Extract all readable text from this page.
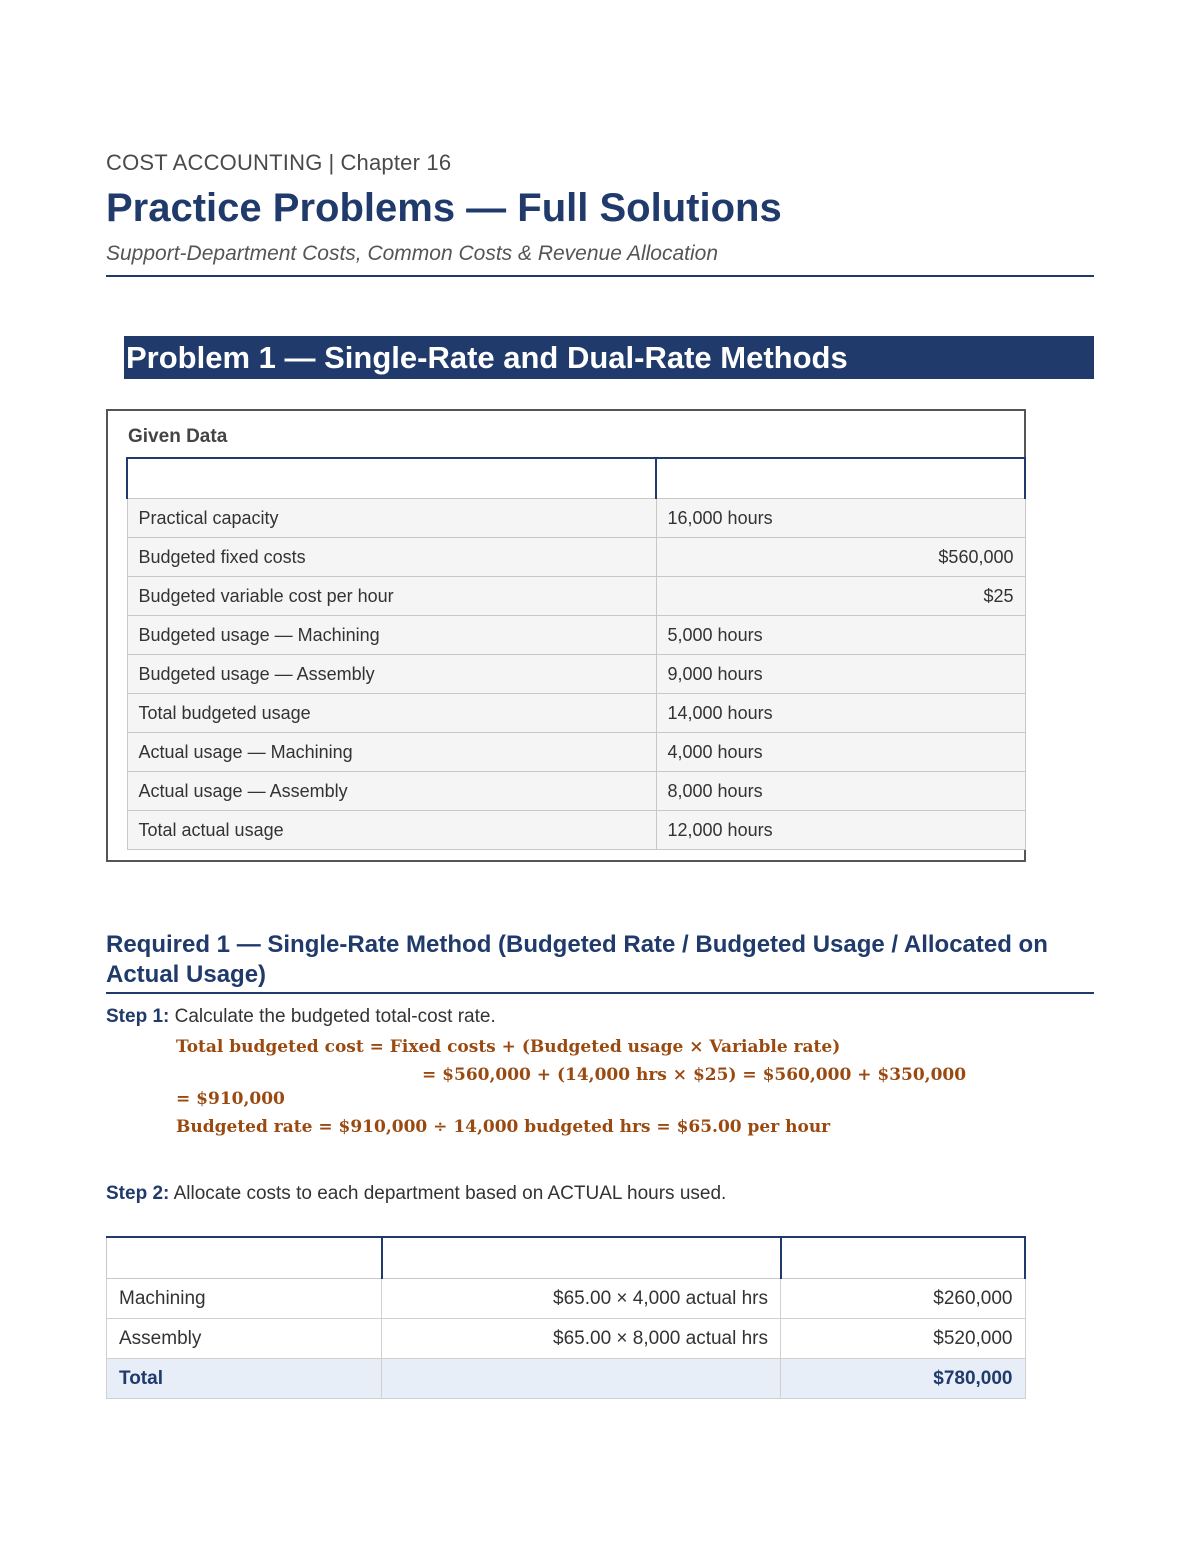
COST ACCOUNTING | Chapter 16
Practice Problems — Full Solutions
Support-Department Costs, Common Costs & Revenue Allocation
Problem 1 — Single-Rate and Dual-Rate Methods
Given Data
Item	Data
Practical capacity	16,000 hours
Budgeted fixed costs	$560,000
Budgeted variable cost per hour	$25
Budgeted usage — Machining	5,000 hours
Budgeted usage — Assembly	9,000 hours
Total budgeted usage	14,000 hours
Actual usage — Machining	4,000 hours
Actual usage — Assembly	8,000 hours
Total actual usage	12,000 hours
Required 1 — Single-Rate Method (Budgeted Rate / Budgeted Usage / Allocated on Actual Usage)
Step 1: Calculate the budgeted total-cost rate.
Total budgeted cost = Fixed costs + (Budgeted usage × Variable rate)
= $560,000 + (14,000 hrs × $25) = $560,000 + $350,000
= $910,000
Budgeted rate = $910,000 ÷ 14,000 budgeted hrs = $65.00 per hour
Step 2: Allocate costs to each department based on ACTUAL hours used.

Machining	$65.00 × 4,000 actual hrs	$260,000
Assembly	$65.00 × 8,000 actual hrs	$520,000
Total		$780,000
